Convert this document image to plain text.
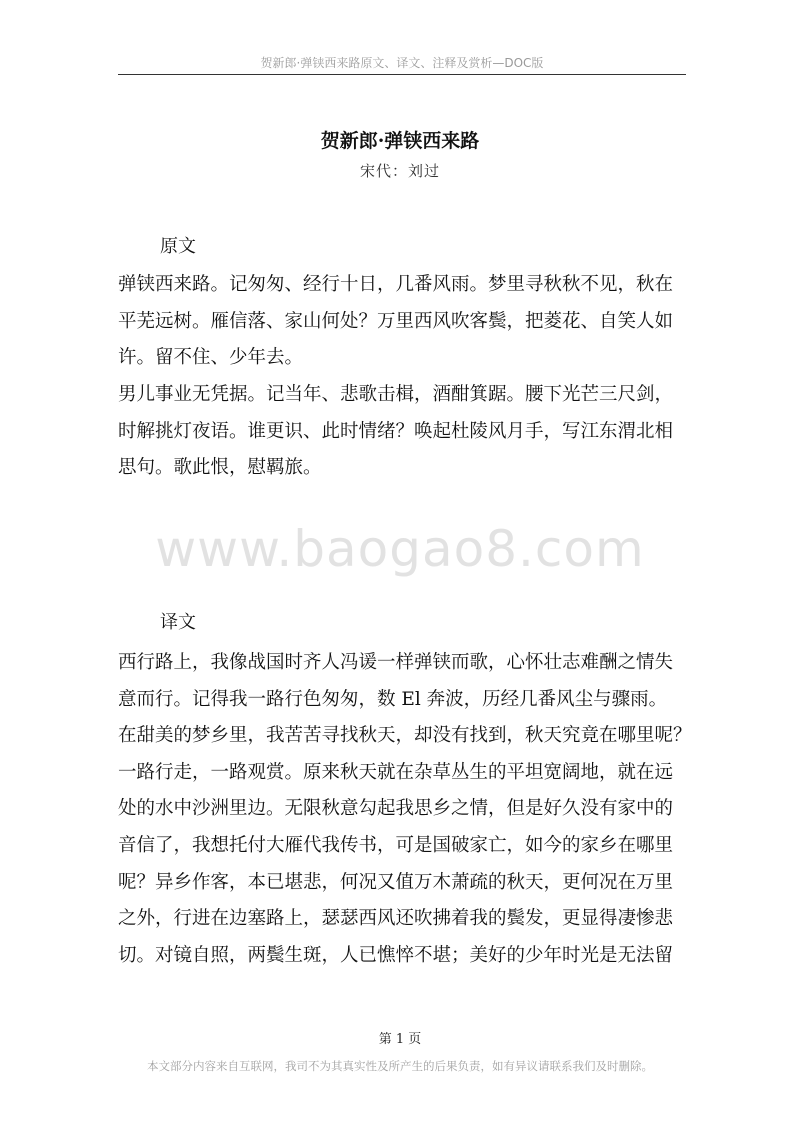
贺新郎·弹铗西来路原文、译文、注释及赏析—DOC版
贺新郎·弹铗西来路
宋代：刘过
原文
弹铗西来路。记匆匆、经行十日，几番风雨。梦里寻秋秋不见，秋在
平芜远树。雁信落、家山何处？万里西风吹客鬓，把菱花、自笑人如
许。留不住、少年去。
男儿事业无凭据。记当年、悲歌击楫，酒酣箕踞。腰下光芒三尺剑，
时解挑灯夜语。谁更识、此时情绪？唤起杜陵风月手，写江东渭北相
思句。歌此恨，慰羁旅。
www.baogao8.com
译文
西行路上，我像战国时齐人冯谖一样弹铗而歌，心怀壮志难酬之情失
意而行。记得我一路行色匆匆，数 El 奔波，历经几番风尘与骤雨。
在甜美的梦乡里，我苦苦寻找秋天，却没有找到，秋天究竟在哪里呢？
一路行走，一路观赏。原来秋天就在杂草丛生的平坦宽阔地，就在远
处的水中沙洲里边。无限秋意勾起我思乡之情，但是好久没有家中的
音信了，我想托付大雁代我传书，可是国破家亡，如今的家乡在哪里
呢？异乡作客，本已堪悲，何况又值万木萧疏的秋天，更何况在万里
之外，行进在边塞路上，瑟瑟西风还吹拂着我的鬓发，更显得凄惨悲
切。对镜自照，两鬓生斑，人已憔悴不堪；美好的少年时光是无法留
第 1 页
本文部分内容来自互联网，我司不为其真实性及所产生的后果负责，如有异议请联系我们及时删除。
